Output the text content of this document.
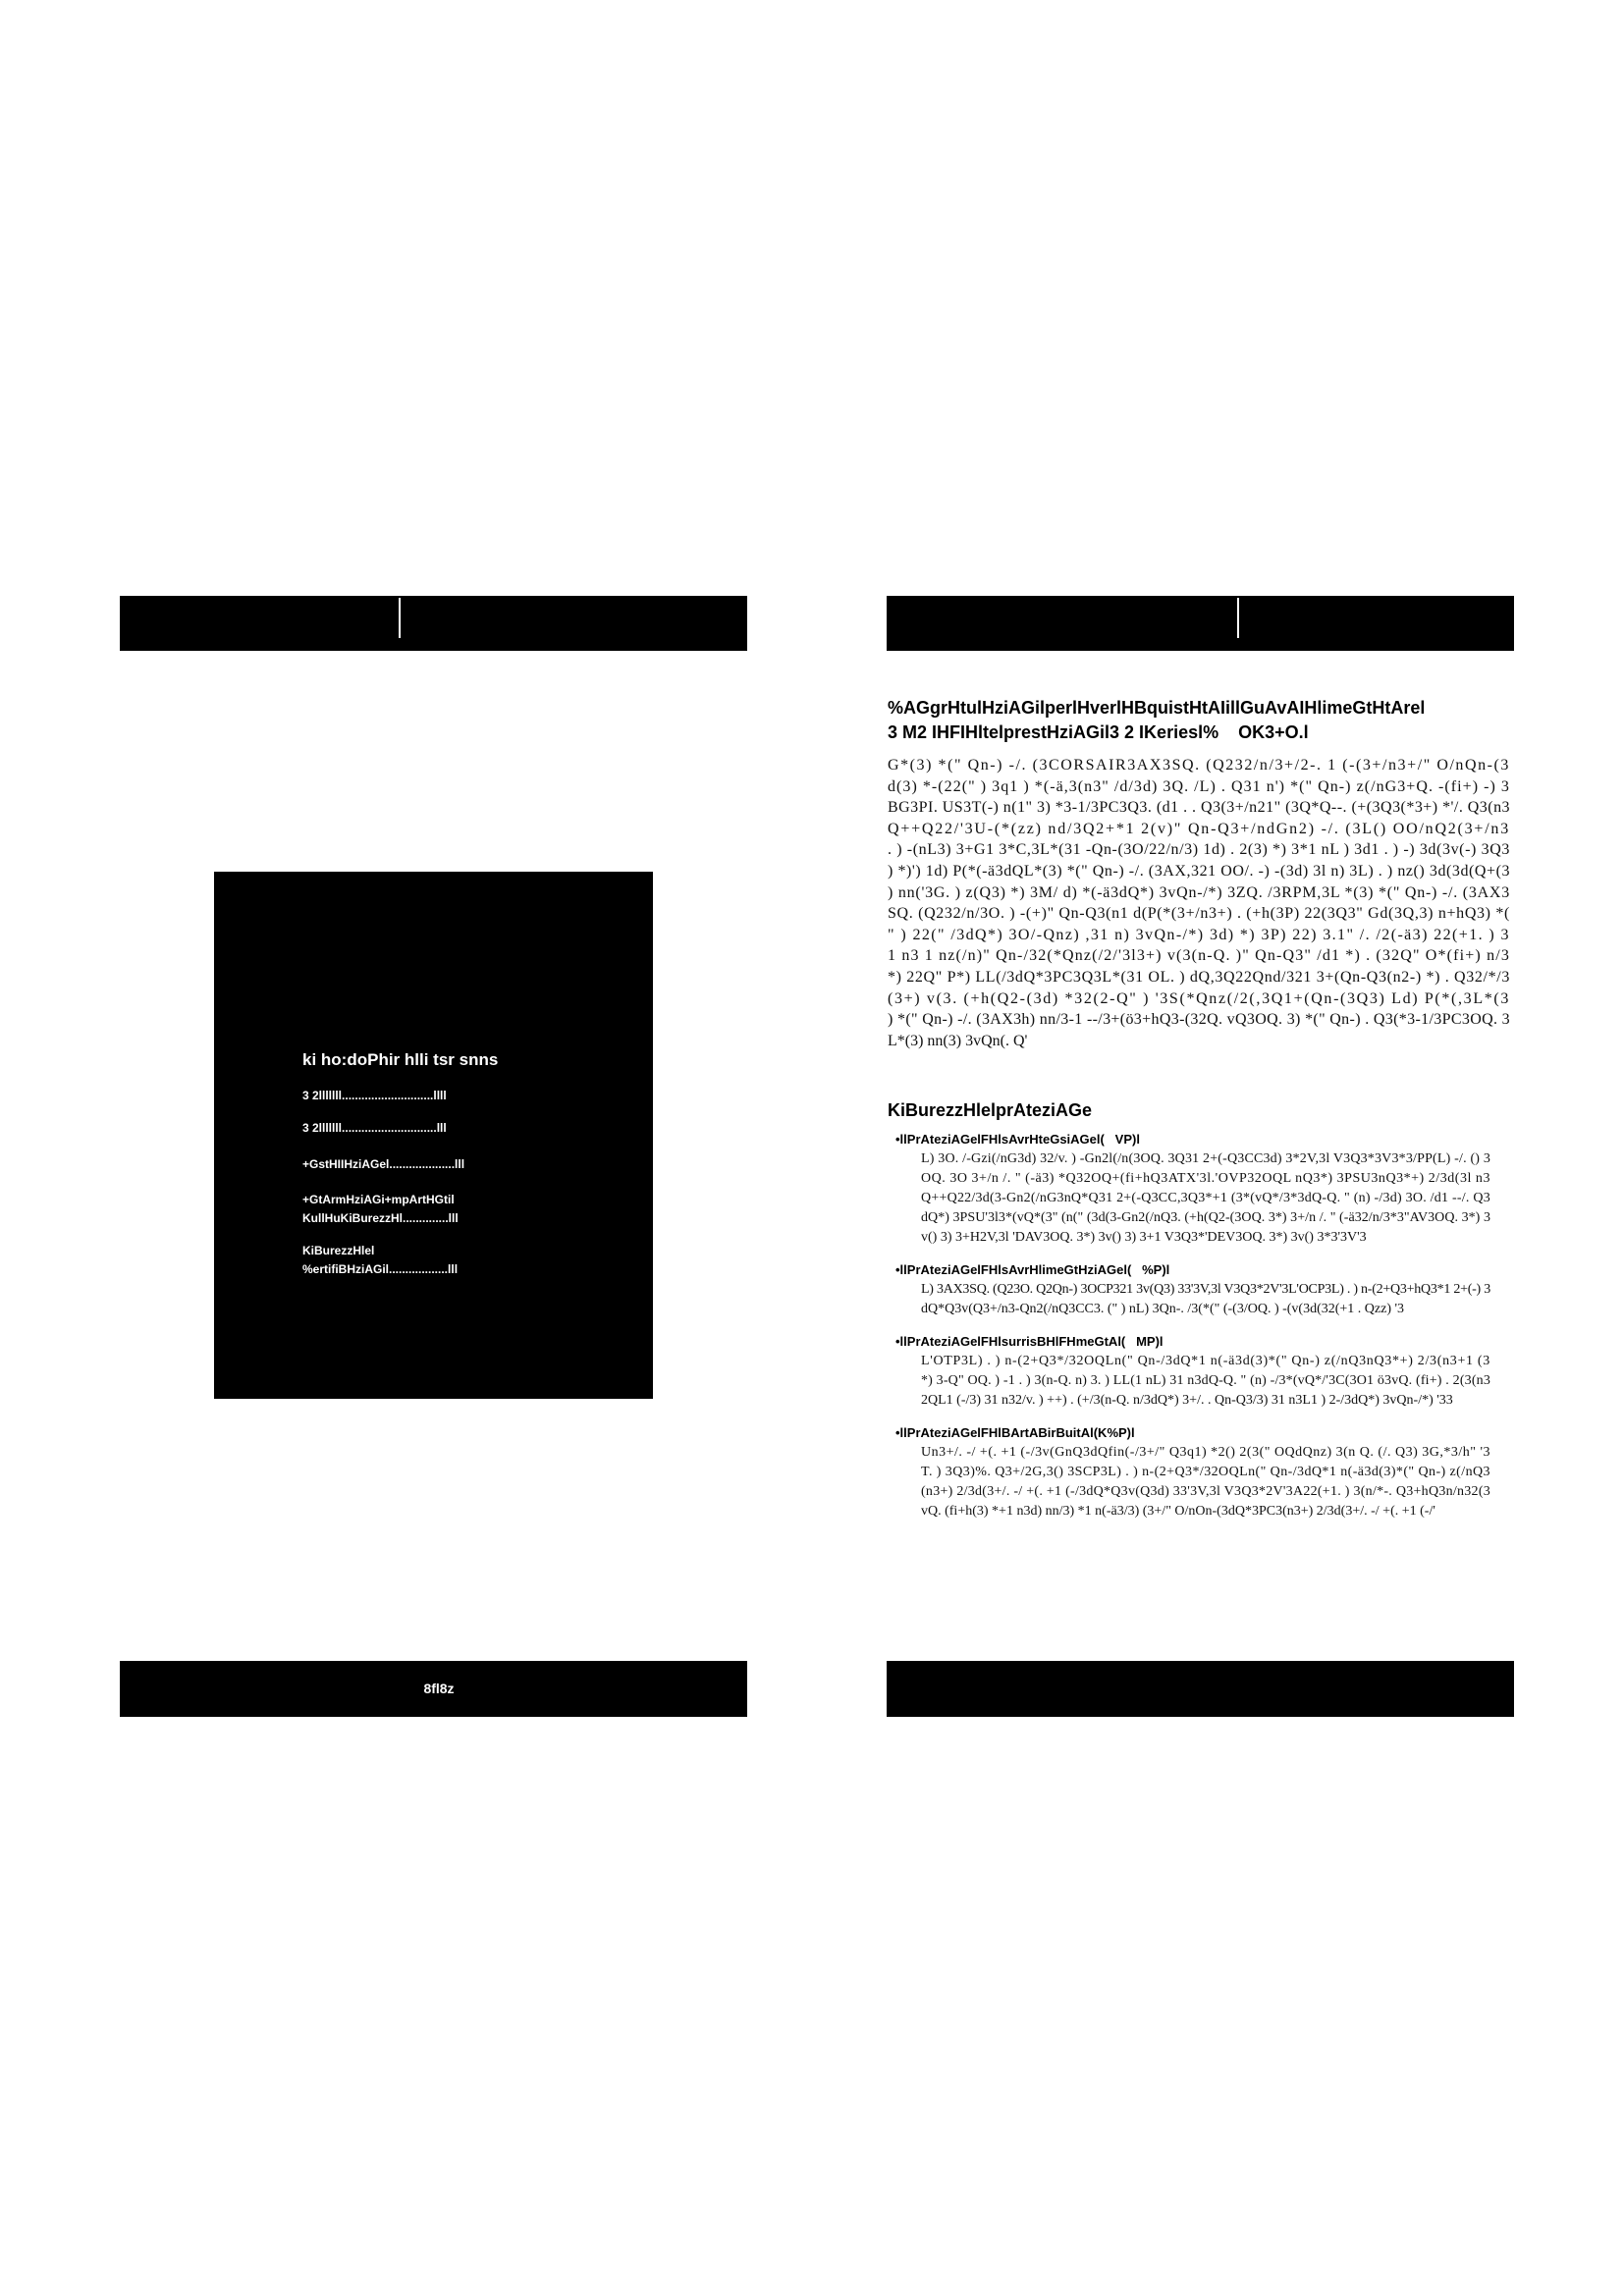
ki ho:doPhir hlli tsr snns
3 2lllllll............................llll
3 2lllllll.............................lll
+GstHIIHziAGel....................lll
+GtArmHziAGi+mpArtHGtil
KullHuKiBurezzHl..............lll
KiBurezzHlel
%ertifiBHziAGil..................lll
8fl8z
%AGgrHtulHziAGilperlHverlHBquistHtAIillGuAvAIHlimeGtHtArel
3 M2 IHFIHltelprestHziAGil3 2 IKeriesl%    OK3+O.l
G*(3) *(" Qn-) -/. (3CORSAIR3AX3SQ. (Q232/n/3+/2-. 1 (-(3+/n3+/" O/nQn-(3
d(3) *-(22(" ) 3q1 ) *(-ä,3(n3" /d/3d) 3Q. /L) . Q31 n') *(" Qn-) z(/nG3+Q. -(fi+) -) 3
BG3PI. US3T(-) n(1" 3) *3-1/3PC3Q3. (d1 . . Q3(3+/n21" (3Q*Q--. (+(3Q3(*3+) *'/. Q3(n3
Q++Q22/'3U-(*(zz) nd/3Q2+*1 2(v)" Qn-Q3+/ndGn2) -/. (3L() OO/nQ2(3+/n3
. ) -(nL3) 3+G1 3*C,3L*(31 -Qn-(3O/22/n/3) 1d) . 2(3) *) 3*1 nL ) 3d1 . ) -) 3d(3v(-) 3Q3
) *)') 1d) P(*(-ä3dQL*(3) *(" Qn-) -/. (3AX,321 OO/. -) -(3d) 3l n) 3L) . ) nz() 3d(3d(Q+(3
) nn('3G. ) z(Q3) *) 3M/ d) *(-ä3dQ*) 3vQn-/*) 3ZQ. /3RPM,3L *(3) *(" Qn-) -/. (3AX3
SQ. (Q232/n/3O. ) -(+)" Qn-Q3(n1 d(P(*(3+/n3+) . (+h(3P) 22(3Q3" Gd(3Q,3) n+hQ3) *(
" ) 22(" /3dQ*) 3O/-Qnz) ,31 n) 3vQn-/*) 3d) *) 3P) 22) 3.1" /. /2(-ä3) 22(+1. ) 3
1 n3 1 nz(/n)" Qn-/32(*Qnz(/2/'3l3+) v(3(n-Q. )" Qn-Q3" /d1 *) . (32Q" O*(fi+) n/3
*) 22Q" P*) LL(/3dQ*3PC3Q3L*(31 OL. ) dQ,3Q22Qnd/321 3+(Qn-Q3(n2-) *) . Q32/*/3
(3+) v(3. (+h(Q2-(3d) *32(2-Q" ) '3S(*Qnz(/2(,3Q1+(Qn-(3Q3) Ld) P(*(,3L*(3
) *(" Qn-) -/. (3AX3h) nn/3-1 --/3+(ö3+hQ3-(32Q. vQ3OQ. 3) *(" Qn-) . Q3(*3-1/3PC3OQ. 3
L*(3) nn(3) 3vQn(. Q'
KiBurezzHlelprAteziAGe
•llPrAteziAGelFHlsAvrHteGsiAGel(   VP)l
L) 3O. /-Gzi(/nG3d) 32/v. ) -Gn2l(/n(3OQ. 3Q31 2+(-Q3CC3d) 3*2V,3l V3Q3*3V3*3/PP(L) -/. () 3
OQ. 3O 3+/n /. " (-ä3) *Q32OQ+(fi+hQ3ATX'3l.'OVP32OQL nQ3*) 3PSU3nQ3*+) 2/3d(3l n3
Q++Q22/3d(3-Gn2(/nG3nQ*Q31 2+(-Q3CC,3Q3*+1 (3*(vQ*/3*3dQ-Q. " (n) -/3d) 3O. /d1 --/. Q3
dQ*) 3PSU'3l3*(vQ*(3" (n(" (3d(3-Gn2(/nQ3. (+h(Q2-(3OQ. 3*) 3+/n /. " (-ä32/n/3*3"AV3OQ. 3*) 3
v() 3) 3+H2V,3l 'DAV3OQ. 3*) 3v() 3) 3+1 V3Q3*'DEV3OQ. 3*) 3v() 3*3'3V'3
•llPrAteziAGelFHlsAvrHlimeGtHziAGel(   %P)l
L) 3AX3SQ. (Q23O. Q2Qn-) 3OCP321 3v(Q3) 33'3V,3l V3Q3*2V'3L'OCP3L) . ) n-(2+Q3+hQ3*1 2+(-) 3
dQ*Q3v(Q3+/n3-Qn2(/nQ3CC3. (" ) nL) 3Qn-. /3(*(" (-(3/OQ. ) -(v(3d(32(+1 . Qzz) '3
•llPrAteziAGelFHlsurrisBHlFHmeGtAl(   MP)l
L'OTP3L) . ) n-(2+Q3*/32OQLn(" Qn-/3dQ*1 n(-ä3d(3)*(" Qn-) z(/nQ3nQ3*+) 2/3(n3+1 (3
*) 3-Q" OQ. ) -1 . ) 3(n-Q. n) 3. ) LL(1 nL) 31 n3dQ-Q. " (n) -/3*(vQ*/'3C(3O1 ö3vQ. (fi+) . 2(3(n3
2QL1 (-/3) 31 n32/v. ) ++) . (+/3(n-Q. n/3dQ*) 3+/. . Qn-Q3/3) 31 n3L1 ) 2-/3dQ*) 3vQn-/*) '33
•llPrAteziAGelFHlBArtABirBuitAl(K%P)l
Un3+/. -/ +(. +1 (-/3v(GnQ3dQfin(-/3+/" Q3q1) *2() 2(3(" OQdQnz) 3(n Q. (/. Q3) 3G,*3/h" '3
T. ) 3Q3)%. Q3+/2G,3() 3SCP3L) . ) n-(2+Q3*/32OQLn(" Qn-/3dQ*1 n(-ä3d(3)*(" Qn-) z(/nQ3
(n3+) 2/3d(3+/. -/ +(. +1 (-/3dQ*Q3v(Q3d) 33'3V,3l V3Q3*2V'3A22(+1. ) 3(n/*-. Q3+hQ3n/n32(3
vQ. (fi+h(3) *+1 n3d) nn/3) *1 n(-ä3/3) (3+/" O/nOn-(3dQ*3PC3(n3+) 2/3d(3+/. -/ +(. +1 (-/'
